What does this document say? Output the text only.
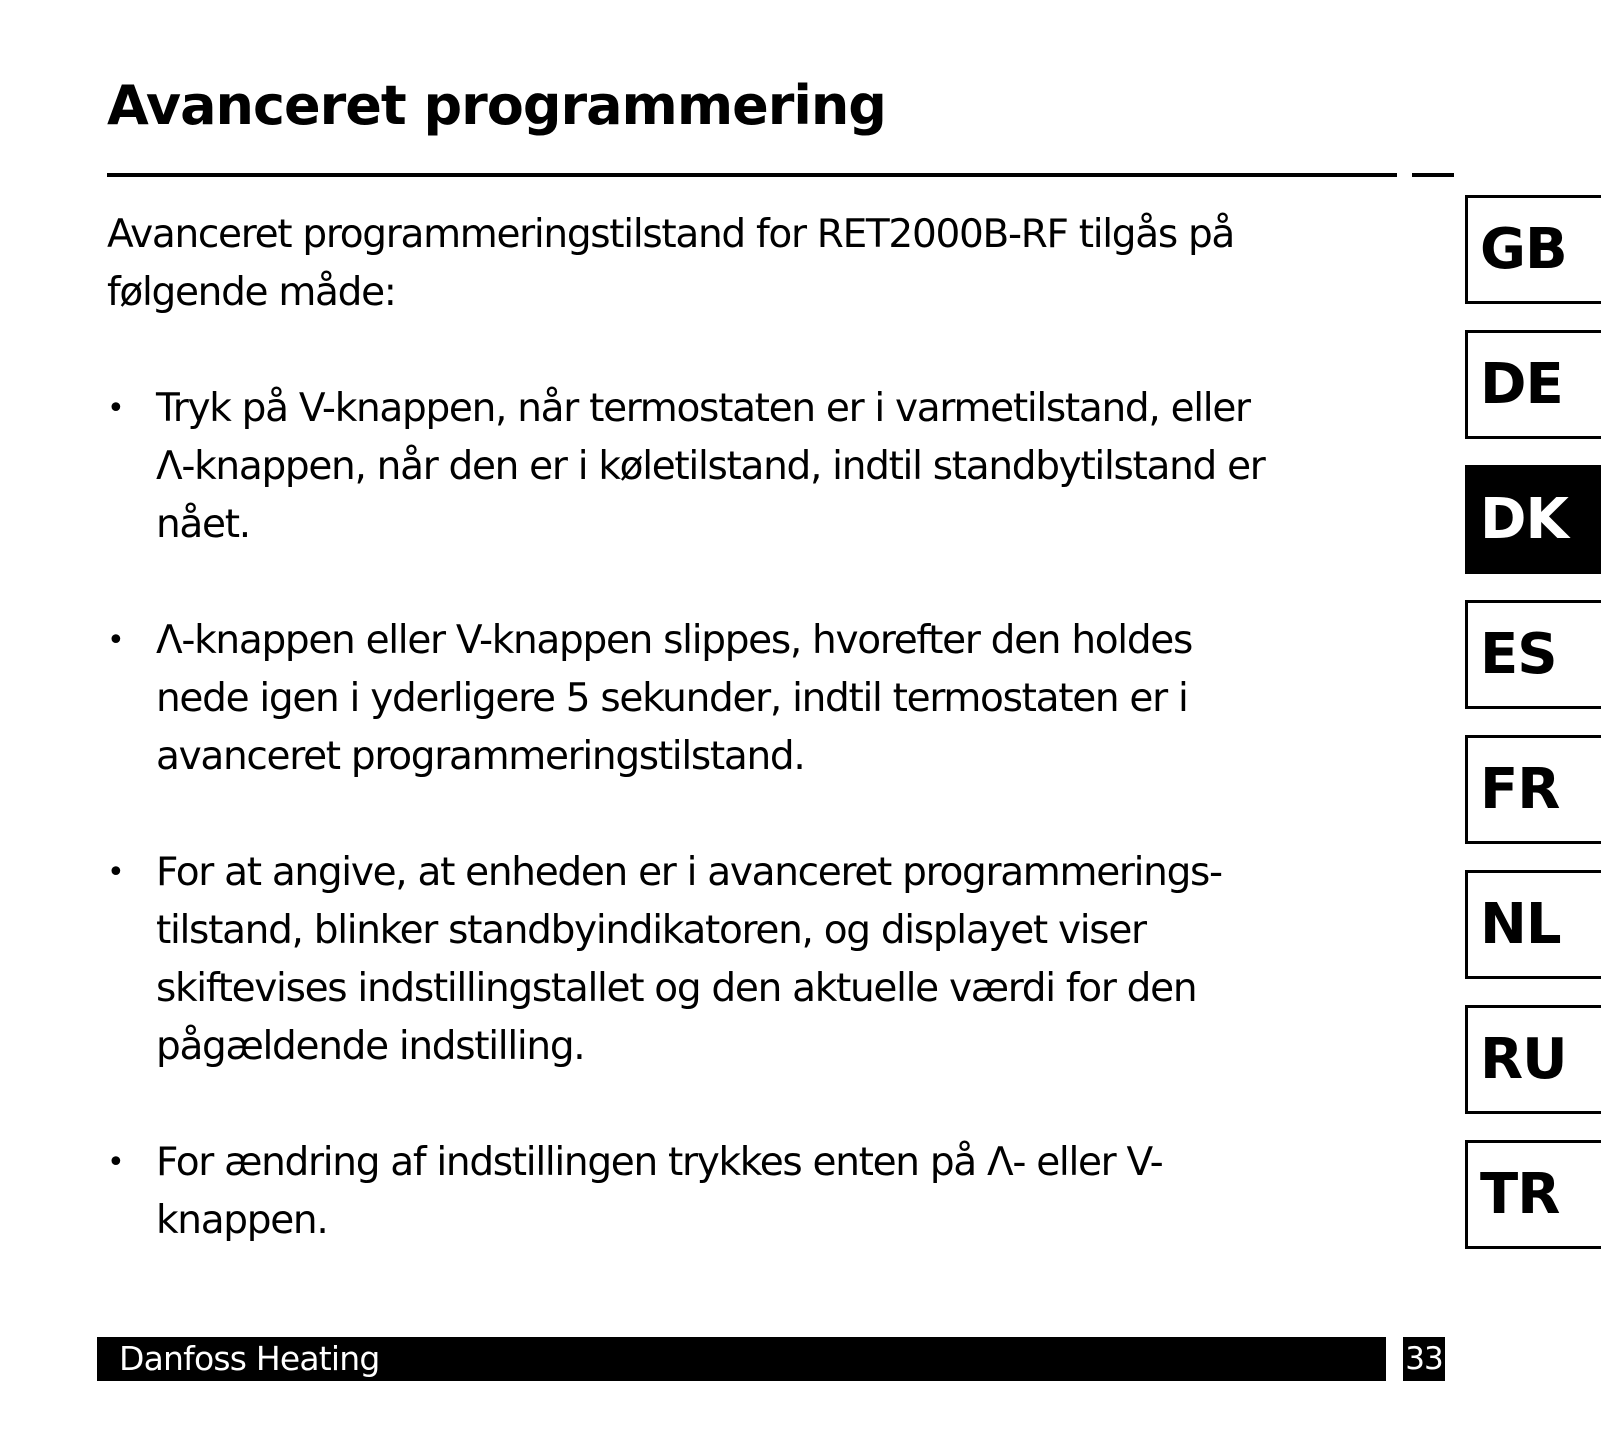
Avanceret programmering

Avanceret programmeringstilstand for RET2000B-RF tilgås på
følgende måde:

• Tryk på V-knappen, når termostaten er i varmetilstand, eller
Λ-knappen, når den er i køletilstand, indtil standbytilstand er
nået.
• Λ-knappen eller V-knappen slippes, hvorefter den holdes
nede igen i yderligere 5 sekunder, indtil termostaten er i
avanceret programmeringstilstand.
• For at angive, at enheden er i avanceret programmerings-
tilstand, blinker standbyindikatoren, og displayet viser
skiftevises indstillingstallet og den aktuelle værdi for den
pågældende indstilling.
• For ændring af indstillingen trykkes enten på Λ- eller V-
knappen.
GB
DE
DK
ES
FR
NL
RU
TR
Danfoss Heating	33
